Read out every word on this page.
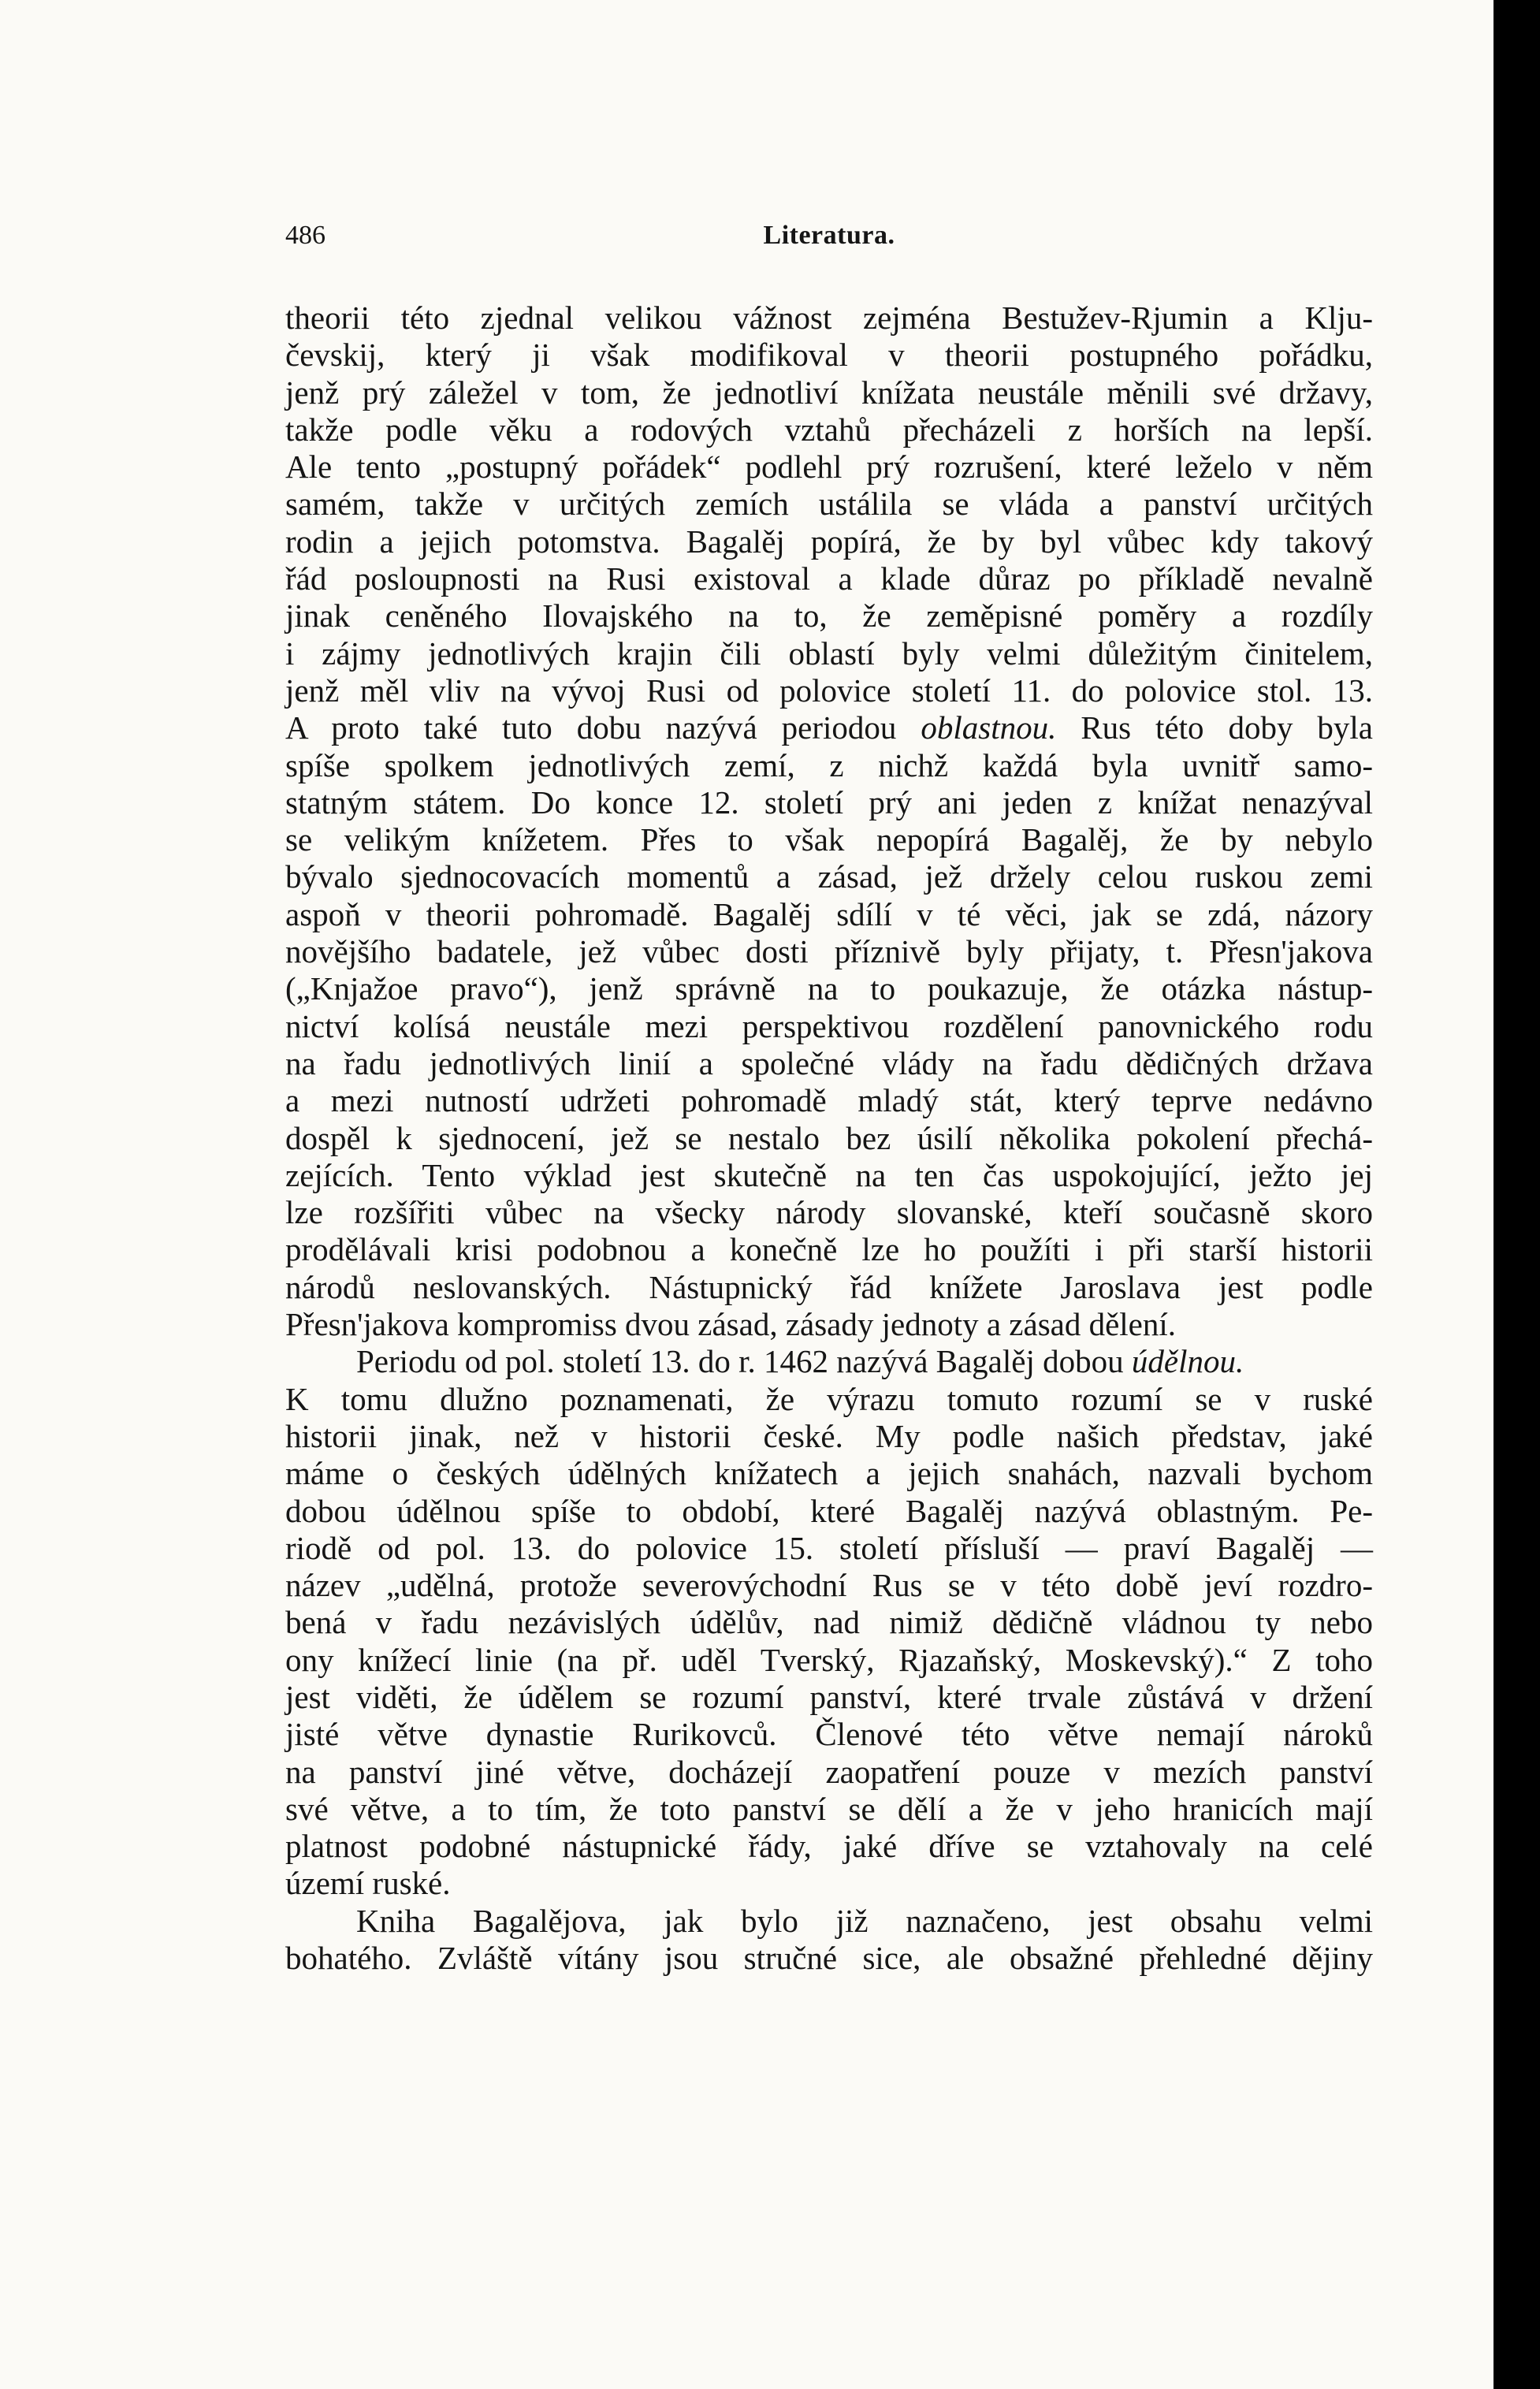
486	Literatura.
theorii této zjednal velikou vážnost zejména Bestužev-Rjumin a Klju-
čevskij, který ji však modifikoval v theorii postupného pořádku,
jenž prý záležel v tom, že jednotliví knížata neustále měnili své državy,
takže podle věku a rodových vztahů přecházeli z horších na lepší.
Ale tento „postupný pořádek“ podlehl prý rozrušení, které leželo v něm
samém, takže v určitých zemích ustálila se vláda a panství určitých
rodin a jejich potomstva. Bagalěj popírá, že by byl vůbec kdy takový
řád posloupnosti na Rusi existoval a klade důraz po příkladě nevalně
jinak ceněného Ilovajského na to, že zeměpisné poměry a rozdíly
i zájmy jednotlivých krajin čili oblastí byly velmi důležitým činitelem,
jenž měl vliv na vývoj Rusi od polovice století 11. do polovice stol. 13.
A proto také tuto dobu nazývá periodou oblastnou. Rus této doby byla
spíše spolkem jednotlivých zemí, z nichž každá byla uvnitř samo-
statným státem. Do konce 12. století prý ani jeden z knížat nenazýval
se velikým knížetem. Přes to však nepopírá Bagalěj, že by nebylo
bývalo sjednocovacích momentů a zásad, jež držely celou ruskou zemi
aspoň v theorii pohromadě. Bagalěj sdílí v té věci, jak se zdá, názory
novějšího badatele, jež vůbec dosti příznivě byly přijaty, t. Přesn'jakova
(„Knjažoe pravo“), jenž správně na to poukazuje, že otázka nástup-
nictví kolísá neustále mezi perspektivou rozdělení panovnického rodu
na řadu jednotlivých linií a společné vlády na řadu dědičných država
a mezi nutností udržeti pohromadě mladý stát, který teprve nedávno
dospěl k sjednocení, jež se nestalo bez úsilí několika pokolení přechá-
zejících. Tento výklad jest skutečně na ten čas uspokojující, ježto jej
lze rozšířiti vůbec na všecky národy slovanské, kteří současně skoro
prodělávali krisi podobnou a konečně lze ho použíti i při starší historii
národů neslovanských. Nástupnický řád knížete Jaroslava jest podle
Přesn'jakova kompromiss dvou zásad, zásady jednoty a zásad dělení.
Periodu od pol. století 13. do r. 1462 nazývá Bagalěj dobou údělnou.
K tomu dlužno poznamenati, že výrazu tomuto rozumí se v ruské
historii jinak, než v historii české. My podle našich představ, jaké
máme o českých údělných knížatech a jejich snahách, nazvali bychom
dobou údělnou spíše to období, které Bagalěj nazývá oblastným. Pe-
riodě od pol. 13. do polovice 15. století přísluší — praví Bagalěj —
název „udělná, protože severovýchodní Rus se v této době jeví rozdro-
bená v řadu nezávislých údělův, nad nimiž dědičně vládnou ty nebo
ony knížecí linie (na př. uděl Tverský, Rjazaňský, Moskevský).“ Z toho
jest viděti, že údělem se rozumí panství, které trvale zůstává v držení
jisté větve dynastie Rurikovců. Členové této větve nemají nároků
na panství jiné větve, docházejí zaopatření pouze v mezích panství
své větve, a to tím, že toto panství se dělí a že v jeho hranicích mají
platnost podobné nástupnické řády, jaké dříve se vztahovaly na celé
území ruské.
Kniha Bagalějova, jak bylo již naznačeno, jest obsahu velmi
bohatého. Zvláště vítány jsou stručné sice, ale obsažné přehledné dějiny
